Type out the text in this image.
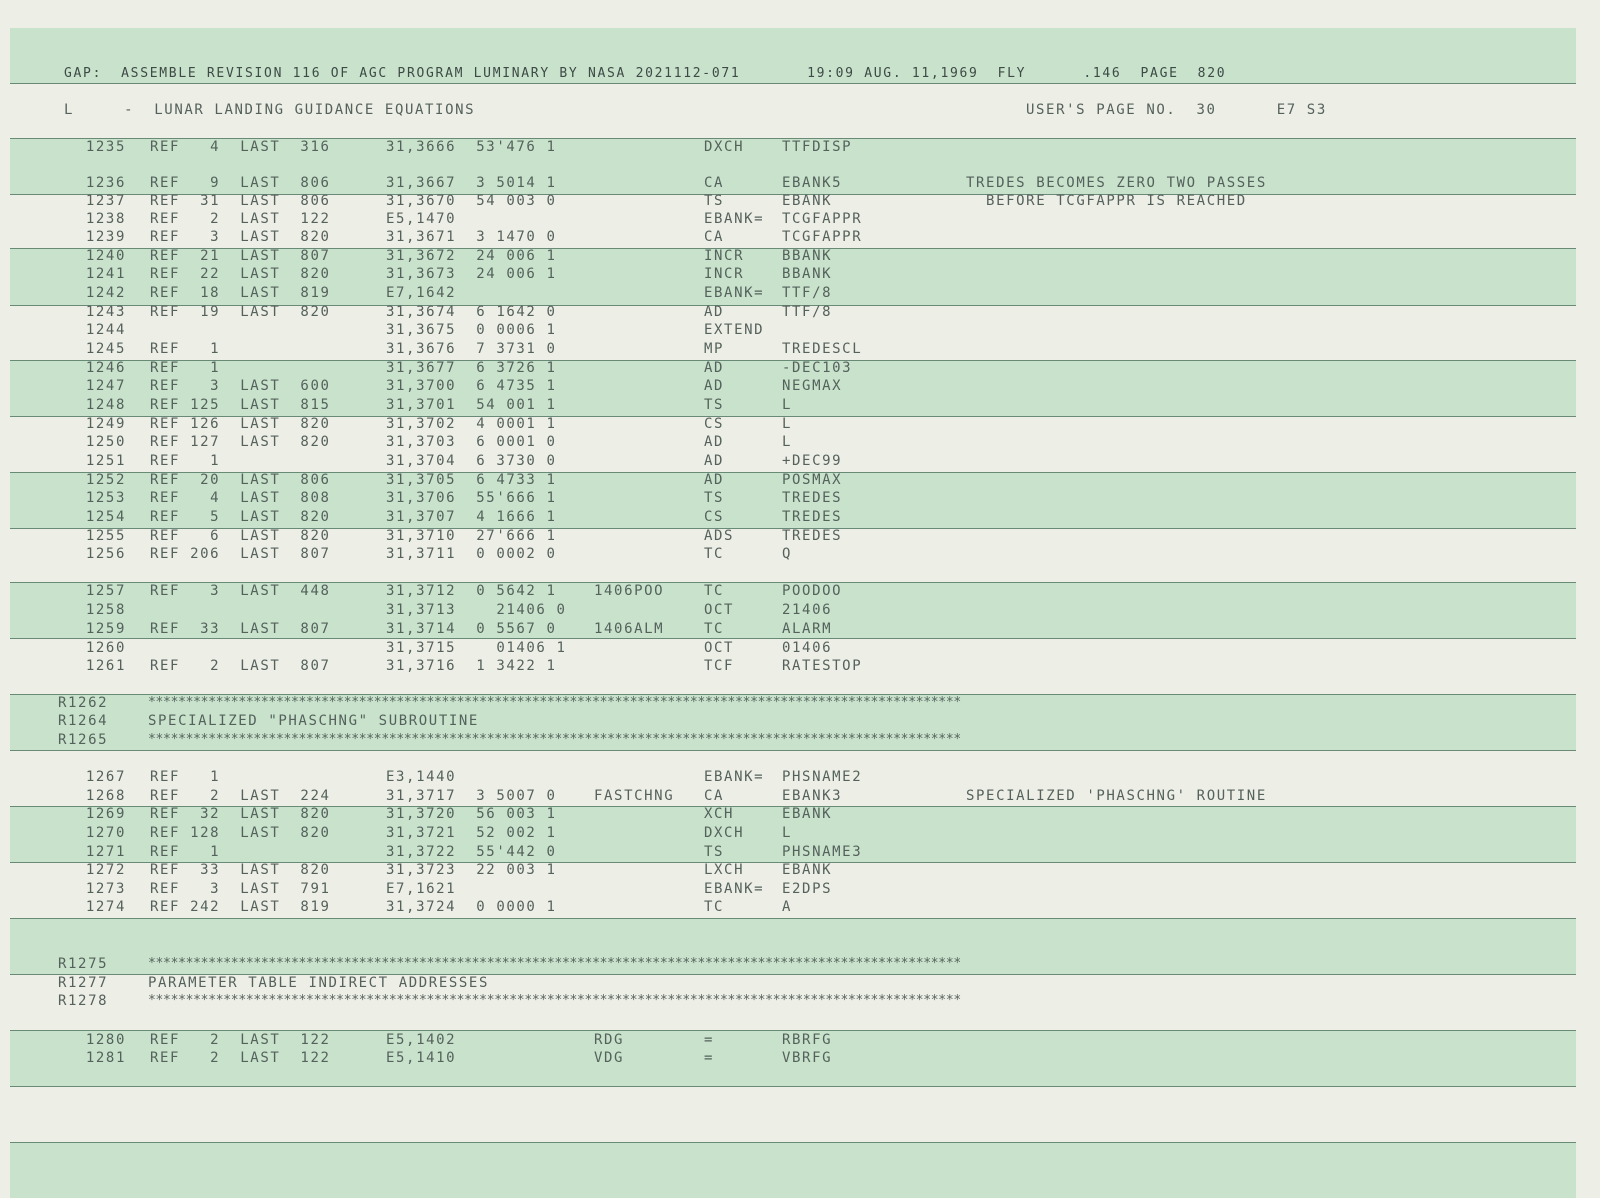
GAP:  ASSEMBLE REVISION 116 OF AGC PROGRAM LUMINARY BY NASA 2021112-071       19:09 AUG. 11,1969  FLY      .146  PAGE  820
L     -  LUNAR LANDING GUIDANCE EQUATIONS	USER'S PAGE NO.  30      E7 S3
1235 REF   4  LAST  316	31,3666  53'476 1	DXCH	TTFDISP
1236 REF   9  LAST  806	31,3667  3 5014 1	CA	EBANK5	TREDES BECOMES ZERO TWO PASSES
1237 REF  31  LAST  806	31,3670  54 003 0	TS	EBANK	BEFORE TCGFAPPR IS REACHED
1238 REF   2  LAST  122	E5,1470	EBANK= TCGFAPPR
1239 REF   3  LAST  820	31,3671  3 1470 0	CA	TCGFAPPR
1240 REF  21  LAST  807	31,3672  24 006 1	INCR	BBANK
1241 REF  22  LAST  820	31,3673  24 006 1	INCR	BBANK
1242 REF  18  LAST  819	E7,1642	EBANK= TTF/8
1243 REF  19  LAST  820	31,3674  6 1642 0	AD	TTF/8
1244	31,3675  0 0006 1	EXTEND
1245 REF   1	31,3676  7 3731 0	MP	TREDESCL
1246 REF   1	31,3677  6 3726 1	AD	-DEC103
1247 REF   3  LAST  600	31,3700  6 4735 1	AD	NEGMAX
1248 REF 125  LAST  815	31,3701  54 001 1	TS	L
1249 REF 126  LAST  820	31,3702  4 0001 1	CS	L
1250 REF 127  LAST  820	31,3703  6 0001 0	AD	L
1251 REF   1	31,3704  6 3730 0	AD	+DEC99
1252 REF  20  LAST  806	31,3705  6 4733 1	AD	POSMAX
1253 REF   4  LAST  808	31,3706  55'666 1	TS	TREDES
1254 REF   5  LAST  820	31,3707  4 1666 1	CS	TREDES
1255 REF   6  LAST  820	31,3710  27'666 1	ADS	TREDES
1256 REF 206  LAST  807	31,3711  0 0002 0	TC	Q
1257 REF   3  LAST  448	31,3712  0 5642 1	1406POO	TC	POODOO
1258	31,3713    21406 0	OCT	21406
1259 REF  33  LAST  807	31,3714  0 5567 0	1406ALM	TC	ALARM
1260	31,3715    01406 1	OCT	01406
1261 REF   2  LAST  807	31,3716  1 3422 1	TCF	RATESTOP
R1262	************************************************************************************************************
R1264	SPECIALIZED "PHASCHNG" SUBROUTINE
R1265	************************************************************************************************************
1267 REF   1	E3,1440	EBANK= PHSNAME2
1268 REF   2  LAST  224	31,3717  3 5007 0	FASTCHNG CA	EBANK3	SPECIALIZED 'PHASCHNG' ROUTINE
1269 REF  32  LAST  820	31,3720  56 003 1	XCH	EBANK
1270 REF 128  LAST  820	31,3721  52 002 1	DXCH	L
1271 REF   1	31,3722  55'442 0	TS	PHSNAME3
1272 REF  33  LAST  820	31,3723  22 003 1	LXCH	EBANK
1273 REF   3  LAST  791	E7,1621	EBANK= E2DPS
1274 REF 242  LAST  819	31,3724  0 0000 1	TC	A
R1275	************************************************************************************************************
R1277	PARAMETER TABLE INDIRECT ADDRESSES
R1278	************************************************************************************************************
1280 REF   2  LAST  122	E5,1402	RDG	=	RBRFG
1281 REF   2  LAST  122	E5,1410	VDG	=	VBRFG
